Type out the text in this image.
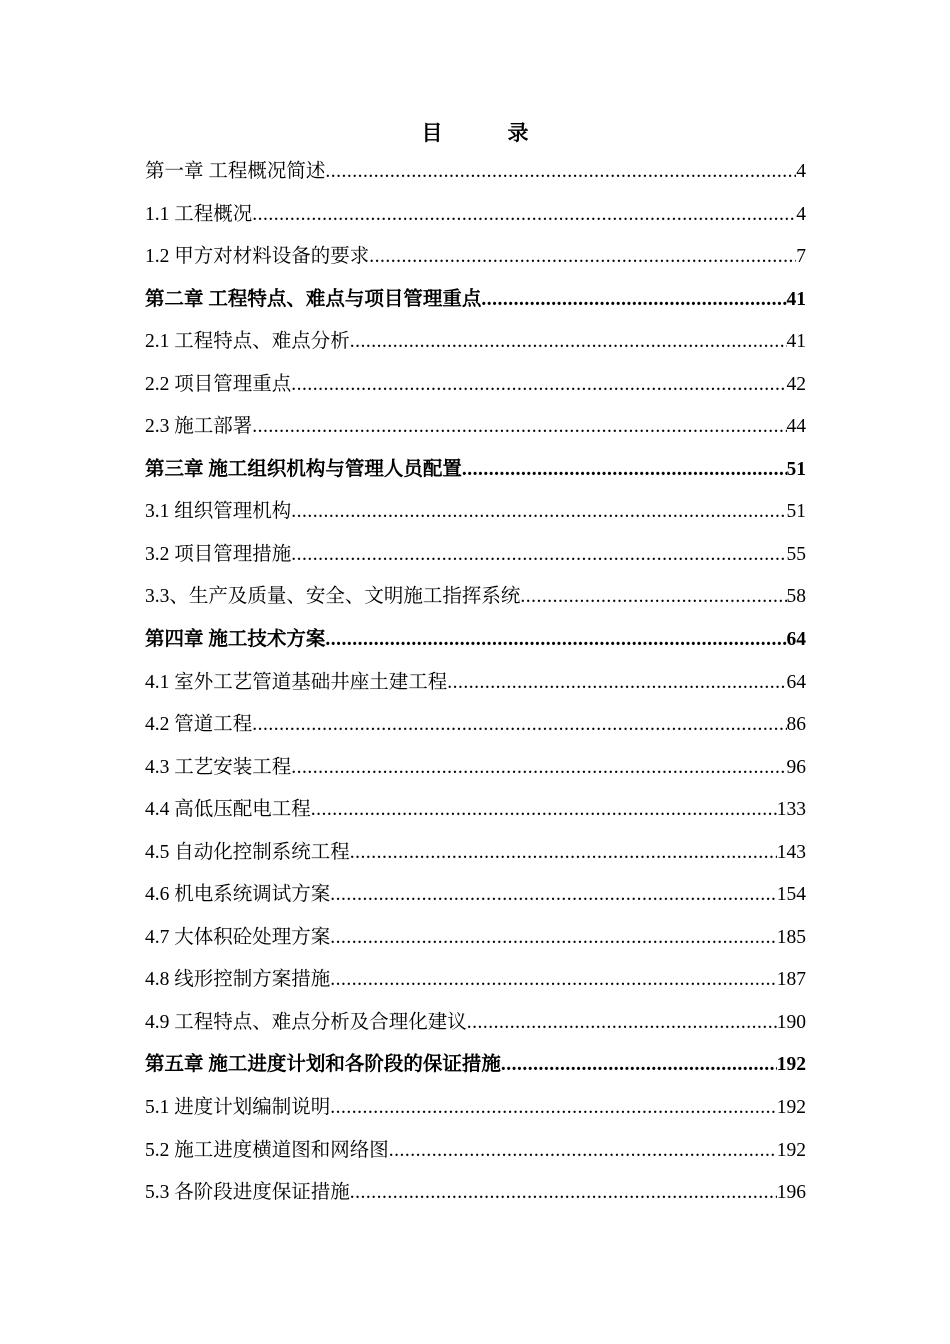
目　录
第一章 工程概况简述 .....	4
1.1 工程概况 .....	4
1.2 甲方对材料设备的要求 .....	7
第二章 工程特点、难点与项目管理重点 .....	41
2.1 工程特点、难点分析 .....	41
2.2 项目管理重点 .....	42
2.3 施工部署 .....	44
第三章 施工组织机构与管理人员配置 .....	51
3.1 组织管理机构 .....	51
3.2 项目管理措施 .....	55
3.3、生产及质量、安全、文明施工指挥系统 .....	58
第四章 施工技术方案 .....	64
4.1 室外工艺管道基础井座土建工程 .....	64
4.2 管道工程 .....	86
4.3 工艺安装工程 .....	96
4.4 高低压配电工程 .....	133
4.5 自动化控制系统工程 .....	143
4.6 机电系统调试方案 .....	154
4.7 大体积砼处理方案 .....	185
4.8 线形控制方案措施 .....	187
4.9 工程特点、难点分析及合理化建议 .....	190
第五章 施工进度计划和各阶段的保证措施 .....	192
5.1 进度计划编制说明 .....	192
5.2 施工进度横道图和网络图 .....	192
5.3 各阶段进度保证措施 .....	196
